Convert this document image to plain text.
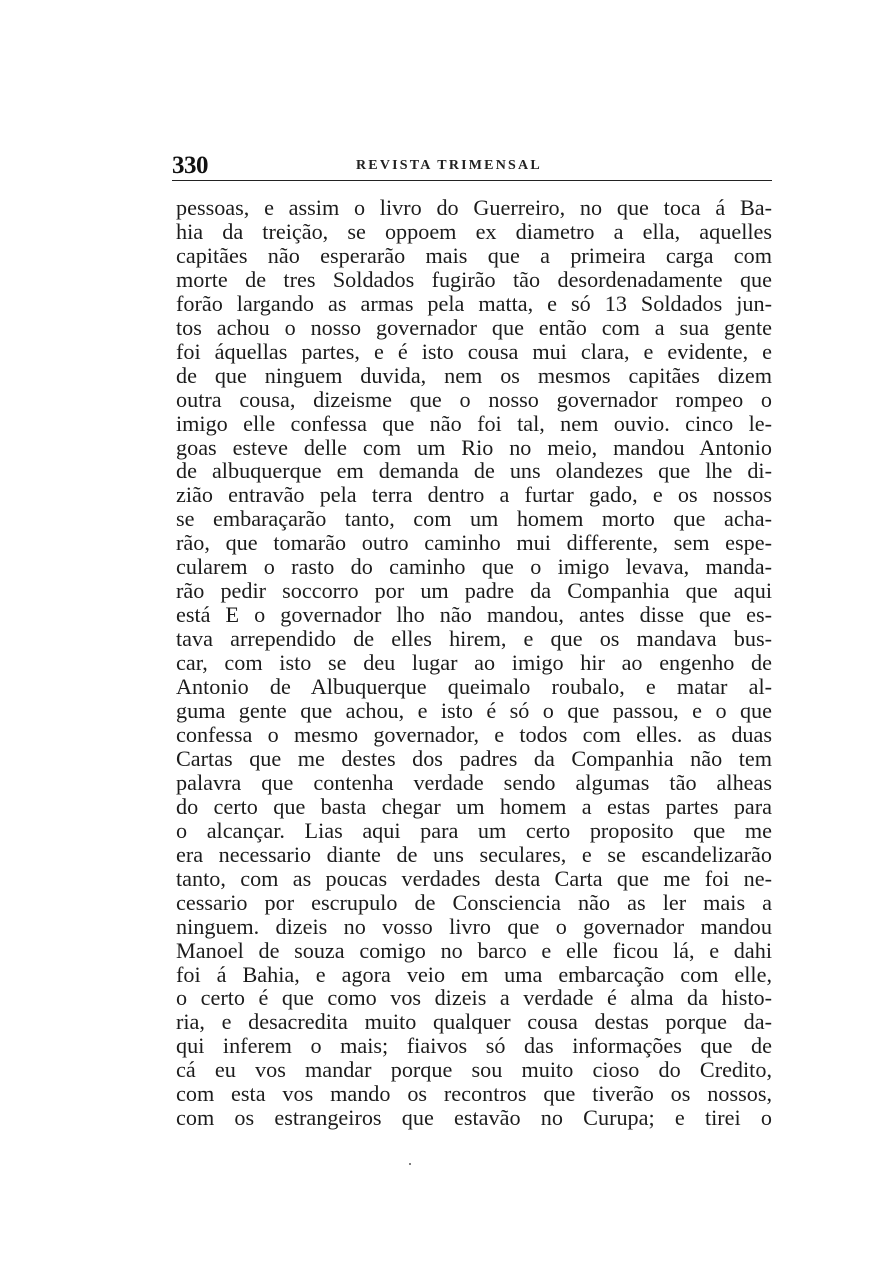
330	REVISTA TRIMENSAL
pessoas, e assim o livro do Guerreiro, no que toca á Ba-
hia da treição, se oppoem ex diametro a ella, aquelles
capitães não esperarão mais que a primeira carga com
morte de tres Soldados fugirão tão desordenadamente que
forão largando as armas pela matta, e só 13 Soldados jun-
tos achou o nosso governador que então com a sua gente
foi áquellas partes, e é isto cousa mui clara, e evidente, e
de que ninguem duvida, nem os mesmos capitães dizem
outra cousa, dizeisme que o nosso governador rompeo o
imigo elle confessa que não foi tal, nem ouvio. cinco le-
goas esteve delle com um Rio no meio, mandou Antonio
de albuquerque em demanda de uns olandezes que lhe di-
zião entravão pela terra dentro a furtar gado, e os nossos
se embaraçarão tanto, com um homem morto que acha-
rão, que tomarão outro caminho mui differente, sem espe-
cularem o rasto do caminho que o imigo levava, manda-
rão pedir soccorro por um padre da Companhia que aqui
está E o governador lho não mandou, antes disse que es-
tava arrependido de elles hirem, e que os mandava bus-
car, com isto se deu lugar ao imigo hir ao engenho de
Antonio de Albuquerque queimalo roubalo, e matar al-
guma gente que achou, e isto é só o que passou, e o que
confessa o mesmo governador, e todos com elles. as duas
Cartas que me destes dos padres da Companhia não tem
palavra que contenha verdade sendo algumas tão alheas
do certo que basta chegar um homem a estas partes para
o alcançar. Lias aqui para um certo proposito que me
era necessario diante de uns seculares, e se escandelizarão
tanto, com as poucas verdades desta Carta que me foi ne-
cessario por escrupulo de Consciencia não as ler mais a
ninguem. dizeis no vosso livro que o governador mandou
Manoel de souza comigo no barco e elle ficou lá, e dahi
foi á Bahia, e agora veio em uma embarcação com elle,
o certo é que como vos dizeis a verdade é alma da histo-
ria, e desacredita muito qualquer cousa destas porque da-
qui inferem o mais; fiaivos só das informações que de
cá eu vos mandar porque sou muito cioso do Credito,
com esta vos mando os recontros que tiverão os nossos,
com os estrangeiros que estavão no Curupa; e tirei o
